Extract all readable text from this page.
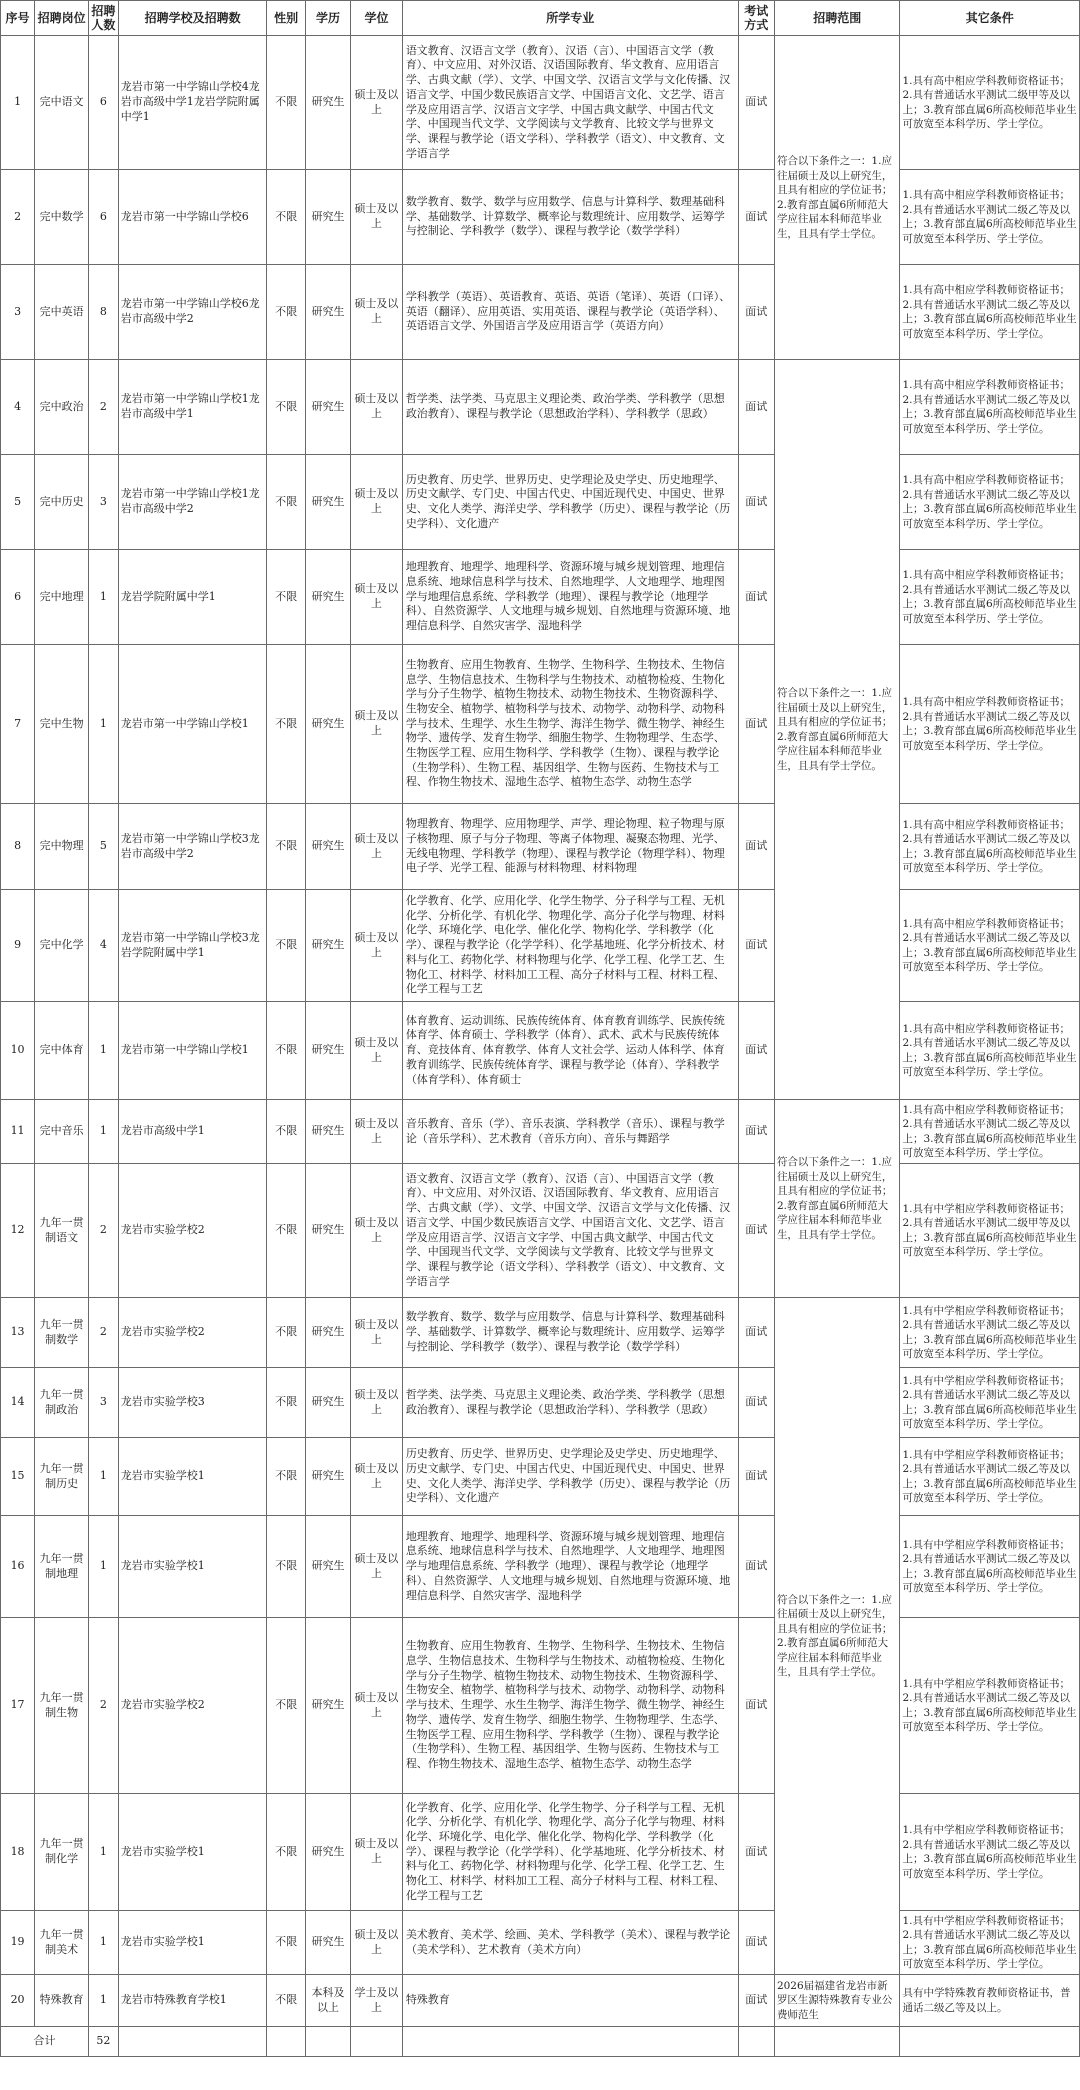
序号	招聘岗位	招聘人数	招聘学校及招聘数	性别	学历	学位	所学专业	考试方式	招聘范围	其它条件
1	完中语文	6	龙岩市第一中学锦山学校4龙岩市高级中学1龙岩学院附属中学1	不限	研究生	硕士及以上	语文教育、汉语言文学（教育）、汉语（言）、中国语言文学（教育）、中文应用、对外汉语、汉语国际教育、华文教育、应用语言学、古典文献（学）、文学、中国文学、汉语言文学与文化传播、汉语言文学、中国少数民族语言文学、中国语言文化、文艺学、语言学及应用语言学、汉语言文字学、中国古典文献学、中国古代文学、中国现当代文学、文学阅读与文学教育、比较文学与世界文学、课程与教学论（语文学科）、学科教学（语文）、中文教育、文学语言学	面试	符合以下条件之一：1.应往届硕士及以上研究生，且具有相应的学位证书；2.教育部直属6所师范大学应往届本科师范毕业生，且具有学士学位。	1.具有高中相应学科教师资格证书；2.具有普通话水平测试二级甲等及以上；3.教育部直属6所高校师范毕业生可放宽至本科学历、学士学位。
2	完中数学	6	龙岩市第一中学锦山学校6	不限	研究生	硕士及以上	数学教育、数学、数学与应用数学、信息与计算科学、数理基础科学、基础数学、计算数学、概率论与数理统计、应用数学、运筹学与控制论、学科教学（数学）、课程与教学论（数学学科）	面试		1.具有高中相应学科教师资格证书；2.具有普通话水平测试二级乙等及以上；3.教育部直属6所高校师范毕业生可放宽至本科学历、学士学位。
3	完中英语	8	龙岩市第一中学锦山学校6龙岩市高级中学2	不限	研究生	硕士及以上	学科教学（英语）、英语教育、英语、英语（笔译）、英语（口译）、英语（翻译）、应用英语、实用英语、课程与教学论（英语学科）、英语语言文学、外国语言学及应用语言学（英语方向）	面试		1.具有高中相应学科教师资格证书；2.具有普通话水平测试二级乙等及以上；3.教育部直属6所高校师范毕业生可放宽至本科学历、学士学位。
4	完中政治	2	龙岩市第一中学锦山学校1龙岩市高级中学1	不限	研究生	硕士及以上	哲学类、法学类、马克思主义理论类、政治学类、学科教学（思想政治教育）、课程与教学论（思想政治学科）、学科教学（思政）	面试	符合以下条件之一：1.应往届硕士及以上研究生，且具有相应的学位证书；2.教育部直属6所师范大学应往届本科师范毕业生，且具有学士学位。	1.具有高中相应学科教师资格证书；2.具有普通话水平测试二级乙等及以上；3.教育部直属6所高校师范毕业生可放宽至本科学历、学士学位。
5	完中历史	3	龙岩市第一中学锦山学校1龙岩市高级中学2	不限	研究生	硕士及以上	历史教育、历史学、世界历史、史学理论及史学史、历史地理学、历史文献学、专门史、中国古代史、中国近现代史、中国史、世界史、文化人类学、海洋史学、学科教学（历史）、课程与教学论（历史学科）、文化遗产	面试		1.具有高中相应学科教师资格证书；2.具有普通话水平测试二级乙等及以上；3.教育部直属6所高校师范毕业生可放宽至本科学历、学士学位。
6	完中地理	1	龙岩学院附属中学1	不限	研究生	硕士及以上	地理教育、地理学、地理科学、资源环境与城乡规划管理、地理信息系统、地球信息科学与技术、自然地理学、人文地理学、地理图学与地理信息系统、学科教学（地理）、课程与教学论（地理学科）、自然资源学、人文地理与城乡规划、自然地理与资源环境、地理信息科学、自然灾害学、湿地科学	面试		1.具有高中相应学科教师资格证书；2.具有普通话水平测试二级乙等及以上；3.教育部直属6所高校师范毕业生可放宽至本科学历、学士学位。
7	完中生物	1	龙岩市第一中学锦山学校1	不限	研究生	硕士及以上	生物教育、应用生物教育、生物学、生物科学、生物技术、生物信息学、生物信息技术、生物科学与生物技术、动植物检疫、生物化学与分子生物学、植物生物技术、动物生物技术、生物资源科学、生物安全、植物学、植物科学与技术、动物学、动物科学、动物科学与技术、生理学、水生生物学、海洋生物学、微生物学、神经生物学、遗传学、发育生物学、细胞生物学、生物物理学、生态学、生物医学工程、应用生物科学、学科教学（生物）、课程与教学论（生物学科）、生物工程、基因组学、生物与医药、生物技术与工程、作物生物技术、湿地生态学、植物生态学、动物生态学	面试		1.具有高中相应学科教师资格证书；2.具有普通话水平测试二级乙等及以上；3.教育部直属6所高校师范毕业生可放宽至本科学历、学士学位。
8	完中物理	5	龙岩市第一中学锦山学校3龙岩市高级中学2	不限	研究生	硕士及以上	物理教育、物理学、应用物理学、声学、理论物理、粒子物理与原子核物理、原子与分子物理、等离子体物理、凝聚态物理、光学、无线电物理、学科教学（物理）、课程与教学论（物理学科）、物理电子学、光学工程、能源与材料物理、材料物理	面试		1.具有高中相应学科教师资格证书；2.具有普通话水平测试二级乙等及以上；3.教育部直属6所高校师范毕业生可放宽至本科学历、学士学位。
9	完中化学	4	龙岩市第一中学锦山学校3龙岩学院附属中学1	不限	研究生	硕士及以上	化学教育、化学、应用化学、化学生物学、分子科学与工程、无机化学、分析化学、有机化学、物理化学、高分子化学与物理、材料化学、环境化学、电化学、催化化学、物构化学、学科教学（化学）、课程与教学论（化学学科）、化学基地班、化学分析技术、材料与化工、药物化学、材料物理与化学、化学工程、化学工艺、生物化工、材料学、材料加工工程、高分子材料与工程、材料工程、化学工程与工艺	面试		1.具有高中相应学科教师资格证书；2.具有普通话水平测试二级乙等及以上；3.教育部直属6所高校师范毕业生可放宽至本科学历、学士学位。
10	完中体育	1	龙岩市第一中学锦山学校1	不限	研究生	硕士及以上	体育教育、运动训练、民族传统体育、体育教育训练学、民族传统体育学、体育硕士、学科教学（体育）、武术、武术与民族传统体育、竞技体育、体育教学、体育人文社会学、运动人体科学、体育教育训练学、民族传统体育学、课程与教学论（体育）、学科教学（体育学科）、体育硕士	面试		1.具有高中相应学科教师资格证书；2.具有普通话水平测试二级乙等及以上；3.教育部直属6所高校师范毕业生可放宽至本科学历、学士学位。
11	完中音乐	1	龙岩市高级中学1	不限	研究生	硕士及以上	音乐教育、音乐（学）、音乐表演、学科教学（音乐）、课程与教学论（音乐学科）、艺术教育（音乐方向）、音乐与舞蹈学	面试	符合以下条件之一：1.应往届硕士及以上研究生，且具有相应的学位证书；2.教育部直属6所师范大学应往届本科师范毕业生，且具有学士学位。	1.具有高中相应学科教师资格证书；2.具有普通话水平测试二级乙等及以上；3.教育部直属6所高校师范毕业生可放宽至本科学历、学士学位。
12	九年一贯制语文	2	龙岩市实验学校2	不限	研究生	硕士及以上	语文教育、汉语言文学（教育）、汉语（言）、中国语言文学（教育）、中文应用、对外汉语、汉语国际教育、华文教育、应用语言学、古典文献（学）、文学、中国文学、汉语言文学与文化传播、汉语言文学、中国少数民族语言文学、中国语言文化、文艺学、语言学及应用语言学、汉语言文字学、中国古典文献学、中国古代文学、中国现当代文学、文学阅读与文学教育、比较文学与世界文学、课程与教学论（语文学科）、学科教学（语文）、中文教育、文学语言学	面试		1.具有中学相应学科教师资格证书；2.具有普通话水平测试二级甲等及以上；3.教育部直属6所高校师范毕业生可放宽至本科学历、学士学位。
13	九年一贯制数学	2	龙岩市实验学校2	不限	研究生	硕士及以上	数学教育、数学、数学与应用数学、信息与计算科学、数理基础科学、基础数学、计算数学、概率论与数理统计、应用数学、运筹学与控制论、学科教学（数学）、课程与教学论（数学学科）	面试	符合以下条件之一：1.应往届硕士及以上研究生，且具有相应的学位证书；2.教育部直属6所师范大学应往届本科师范毕业生，且具有学士学位。	1.具有中学相应学科教师资格证书；2.具有普通话水平测试二级乙等及以上；3.教育部直属6所高校师范毕业生可放宽至本科学历、学士学位。
14	九年一贯制政治	3	龙岩市实验学校3	不限	研究生	硕士及以上	哲学类、法学类、马克思主义理论类、政治学类、学科教学（思想政治教育）、课程与教学论（思想政治学科）、学科教学（思政）	面试		1.具有中学相应学科教师资格证书；2.具有普通话水平测试二级乙等及以上；3.教育部直属6所高校师范毕业生可放宽至本科学历、学士学位。
15	九年一贯制历史	1	龙岩市实验学校1	不限	研究生	硕士及以上	历史教育、历史学、世界历史、史学理论及史学史、历史地理学、历史文献学、专门史、中国古代史、中国近现代史、中国史、世界史、文化人类学、海洋史学、学科教学（历史）、课程与教学论（历史学科）、文化遗产	面试		1.具有中学相应学科教师资格证书；2.具有普通话水平测试二级乙等及以上；3.教育部直属6所高校师范毕业生可放宽至本科学历、学士学位。
16	九年一贯制地理	1	龙岩市实验学校1	不限	研究生	硕士及以上	地理教育、地理学、地理科学、资源环境与城乡规划管理、地理信息系统、地球信息科学与技术、自然地理学、人文地理学、地理图学与地理信息系统、学科教学（地理）、课程与教学论（地理学科）、自然资源学、人文地理与城乡规划、自然地理与资源环境、地理信息科学、自然灾害学、湿地科学	面试		1.具有中学相应学科教师资格证书；2.具有普通话水平测试二级乙等及以上；3.教育部直属6所高校师范毕业生可放宽至本科学历、学士学位。
17	九年一贯制生物	2	龙岩市实验学校2	不限	研究生	硕士及以上	生物教育、应用生物教育、生物学、生物科学、生物技术、生物信息学、生物信息技术、生物科学与生物技术、动植物检疫、生物化学与分子生物学、植物生物技术、动物生物技术、生物资源科学、生物安全、植物学、植物科学与技术、动物学、动物科学、动物科学与技术、生理学、水生生物学、海洋生物学、微生物学、神经生物学、遗传学、发育生物学、细胞生物学、生物物理学、生态学、生物医学工程、应用生物科学、学科教学（生物）、课程与教学论（生物学科）、生物工程、基因组学、生物与医药、生物技术与工程、作物生物技术、湿地生态学、植物生态学、动物生态学	面试		1.具有中学相应学科教师资格证书；2.具有普通话水平测试二级乙等及以上；3.教育部直属6所高校师范毕业生可放宽至本科学历、学士学位。
18	九年一贯制化学	1	龙岩市实验学校1	不限	研究生	硕士及以上	化学教育、化学、应用化学、化学生物学、分子科学与工程、无机化学、分析化学、有机化学、物理化学、高分子化学与物理、材料化学、环境化学、电化学、催化化学、物构化学、学科教学（化学）、课程与教学论（化学学科）、化学基地班、化学分析技术、材料与化工、药物化学、材料物理与化学、化学工程、化学工艺、生物化工、材料学、材料加工工程、高分子材料与工程、材料工程、化学工程与工艺	面试		1.具有中学相应学科教师资格证书；2.具有普通话水平测试二级乙等及以上；3.教育部直属6所高校师范毕业生可放宽至本科学历、学士学位。
19	九年一贯制美术	1	龙岩市实验学校1	不限	研究生	硕士及以上	美术教育、美术学、绘画、美术、学科教学（美术）、课程与教学论（美术学科）、艺术教育（美术方向）	面试		1.具有中学相应学科教师资格证书；2.具有普通话水平测试二级乙等及以上；3.教育部直属6所高校师范毕业生可放宽至本科学历、学士学位。
20	特殊教育	1	龙岩市特殊教育学校1	不限	本科及以上	学士及以上	特殊教育	面试	2026届福建省龙岩市新罗区生源特殊教育专业公费师范生	具有中学特殊教育教师资格证书，普通话二级乙等及以上。
合计		52								
